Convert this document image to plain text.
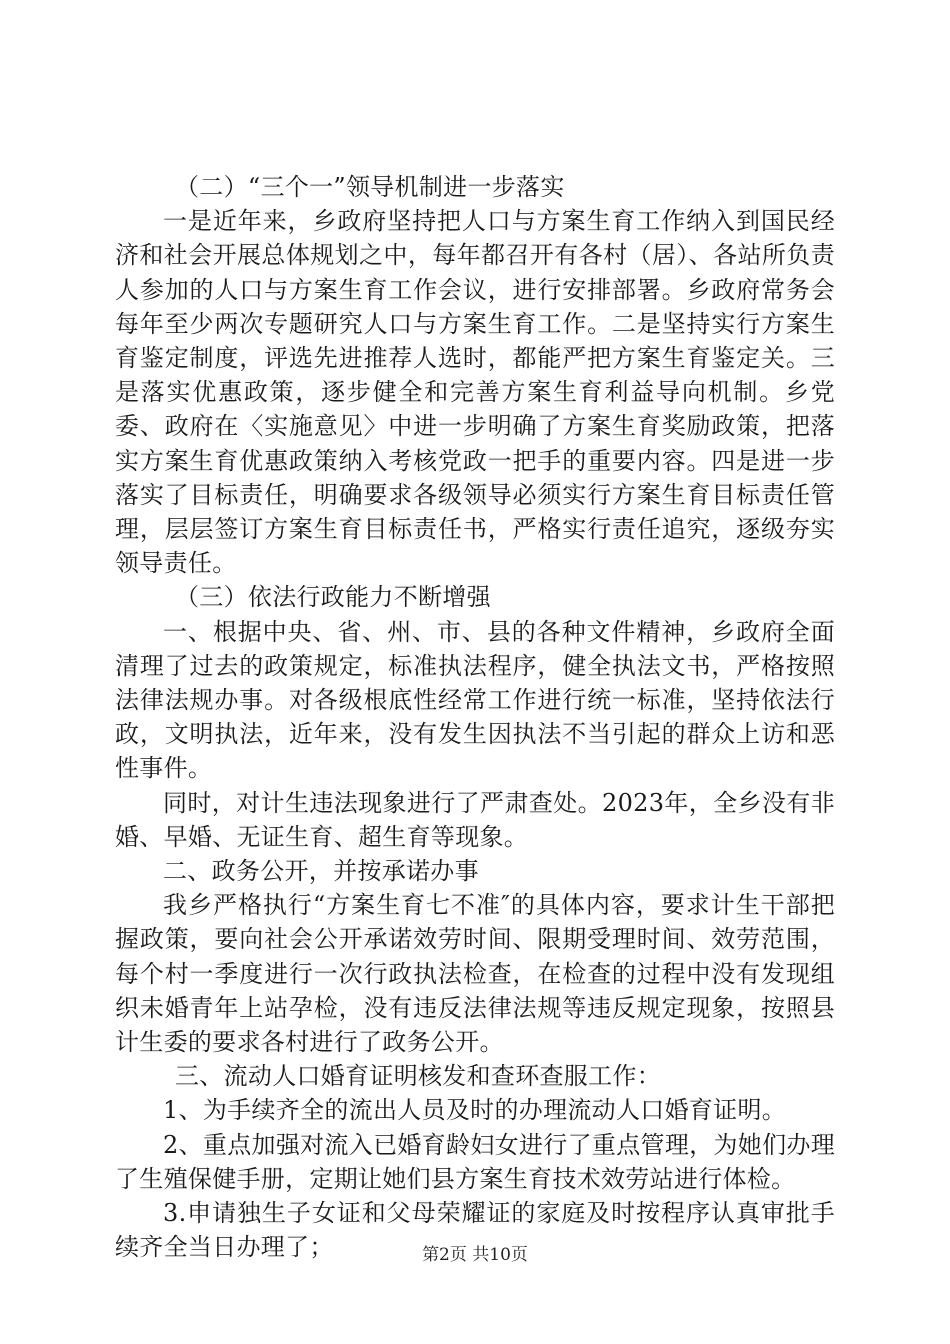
（二）“三个一”领导机制进一步落实

一是近年来，乡政府坚持把人口与方案生育工作纳入到国民经济和社会开展总体规划之中，每年都召开有各村（居）、各站所负责人参加的人口与方案生育工作会议，进行安排部署。乡政府常务会每年至少两次专题研究人口与方案生育工作。二是坚持实行方案生育鉴定制度，评选先进推荐人选时，都能严把方案生育鉴定关。三是落实优惠政策，逐步健全和完善方案生育利益导向机制。乡党委、政府在〈实施意见〉中进一步明确了方案生育奖励政策，把落实方案生育优惠政策纳入考核党政一把手的重要内容。四是进一步落实了目标责任，明确要求各级领导必须实行方案生育目标责任管理，层层签订方案生育目标责任书，严格实行责任追究，逐级夯实领导责任。

（三）依法行政能力不断增强

一、根据中央、省、州、市、县的各种文件精神，乡政府全面清理了过去的政策规定，标准执法程序，健全执法文书，严格按照法律法规办事。对各级根底性经常工作进行统一标准，坚持依法行政，文明执法，近年来，没有发生因执法不当引起的群众上访和恶性事件。

同时，对计生违法现象进行了严肃查处。2023年，全乡没有非婚、早婚、无证生育、超生育等现象。

二、政务公开，并按承诺办事

我乡严格执行“方案生育七不准″的具体内容，要求计生干部把握政策，要向社会公开承诺效劳时间、限期受理时间、效劳范围，每个村一季度进行一次行政执法检查，在检查的过程中没有发现组织未婚青年上站孕检，没有违反法律法规等违反规定现象，按照县计生委的要求各村进行了政务公开。

三、流动人口婚育证明核发和查环查服工作：

1、为手续齐全的流出人员及时的办理流动人口婚育证明。

2、重点加强对流入已婚育龄妇女进行了重点管理，为她们办理了生殖保健手册，定期让她们县方案生育技术效劳站进行体检。

3.申请独生子女证和父母荣耀证的家庭及时按程序认真审批手续齐全当日办理了；	第2页 共10页
